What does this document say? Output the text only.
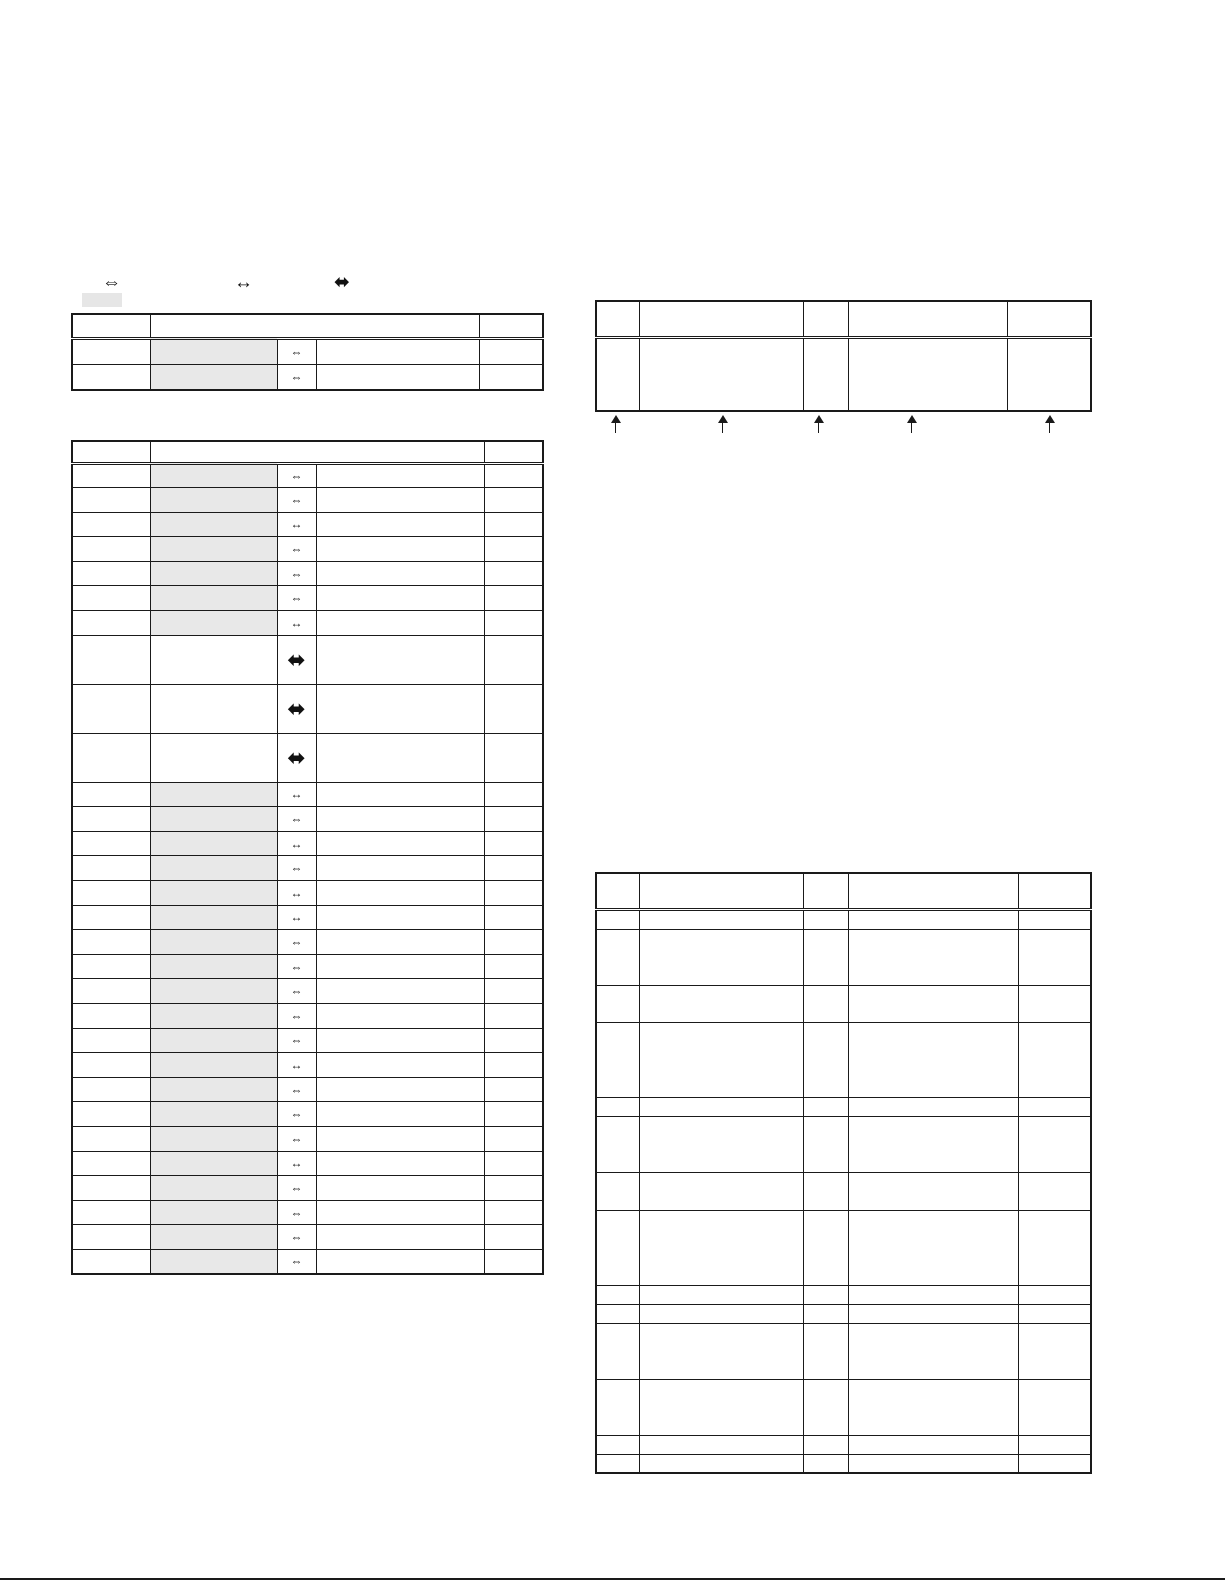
⇔	↔	⬌

		⇔		
		⇔		

		⇔		
		⇔		
		↔		
		⇔		
		⇔		
		⇔		
		↔		
		⬌		
		⬌		
		⬌		
		↔		
		⇔		
		↔		
		⇔		
		↔		
		↔		
		⇔		
		⇔		
		⇔		
		⇔		
		⇔		
		↔		
		⇔		
		⇔		
		⇔		
		↔		
		⇔		
		⇔		
		⇔		
		⇔		
